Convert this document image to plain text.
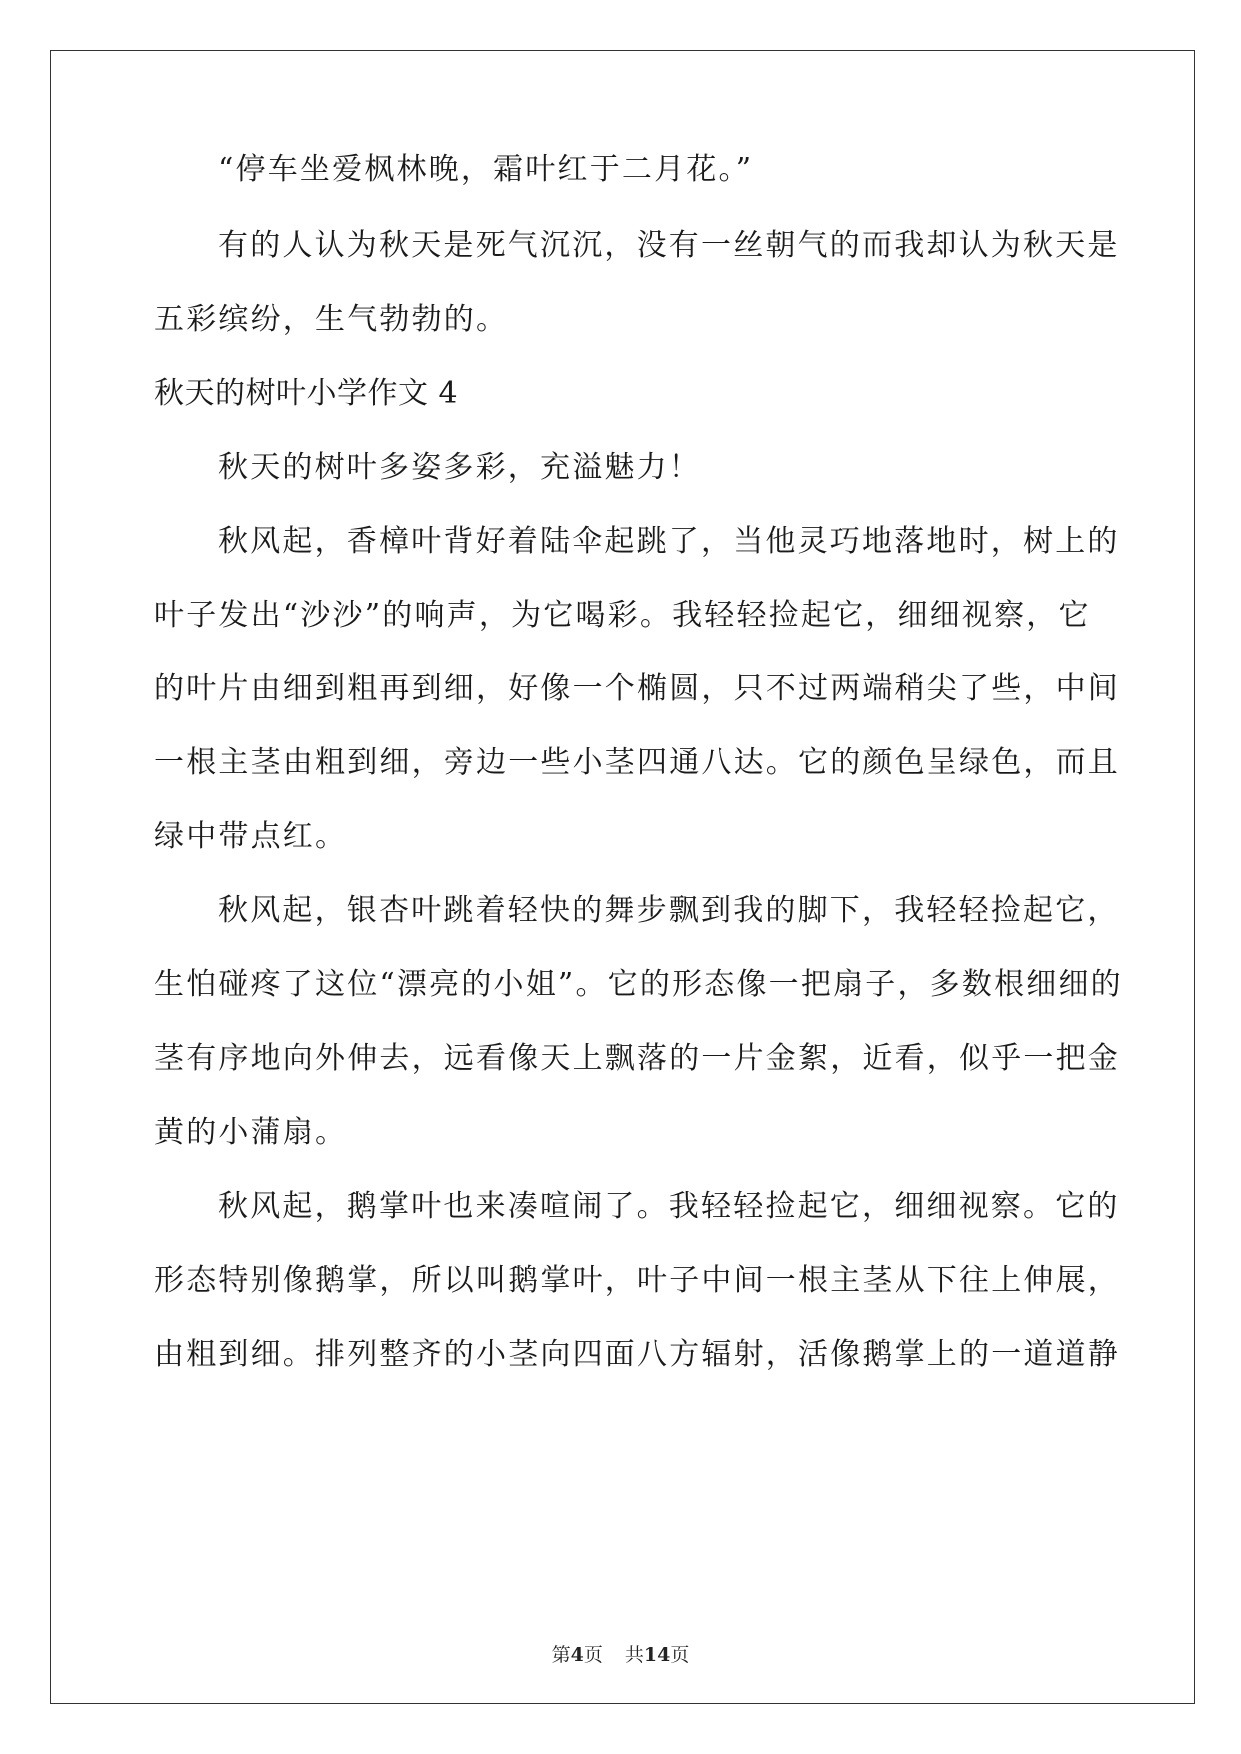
“停车坐爱枫林晚，霜叶红于二月花。”
有的人认为秋天是死气沉沉，没有一丝朝气的而我却认为秋天是
五彩缤纷，生气勃勃的。
秋天的树叶小学作文 4
秋天的树叶多姿多彩，充溢魅力！
秋风起，香樟叶背好着陆伞起跳了，当他灵巧地落地时，树上的
叶子发出“沙沙”的响声，为它喝彩。我轻轻捡起它，细细视察，它
的叶片由细到粗再到细，好像一个椭圆，只不过两端稍尖了些，中间
一根主茎由粗到细，旁边一些小茎四通八达。它的颜色呈绿色，而且
绿中带点红。
秋风起，银杏叶跳着轻快的舞步飘到我的脚下，我轻轻捡起它，
生怕碰疼了这位“漂亮的小姐”。它的形态像一把扇子，多数根细细的
茎有序地向外伸去，远看像天上飘落的一片金絮，近看，似乎一把金
黄的小蒲扇。
秋风起，鹅掌叶也来凑喧闹了。我轻轻捡起它，细细视察。它的
形态特别像鹅掌，所以叫鹅掌叶，叶子中间一根主茎从下往上伸展，
由粗到细。排列整齐的小茎向四面八方辐射，活像鹅掌上的一道道静
第4页 共14页
